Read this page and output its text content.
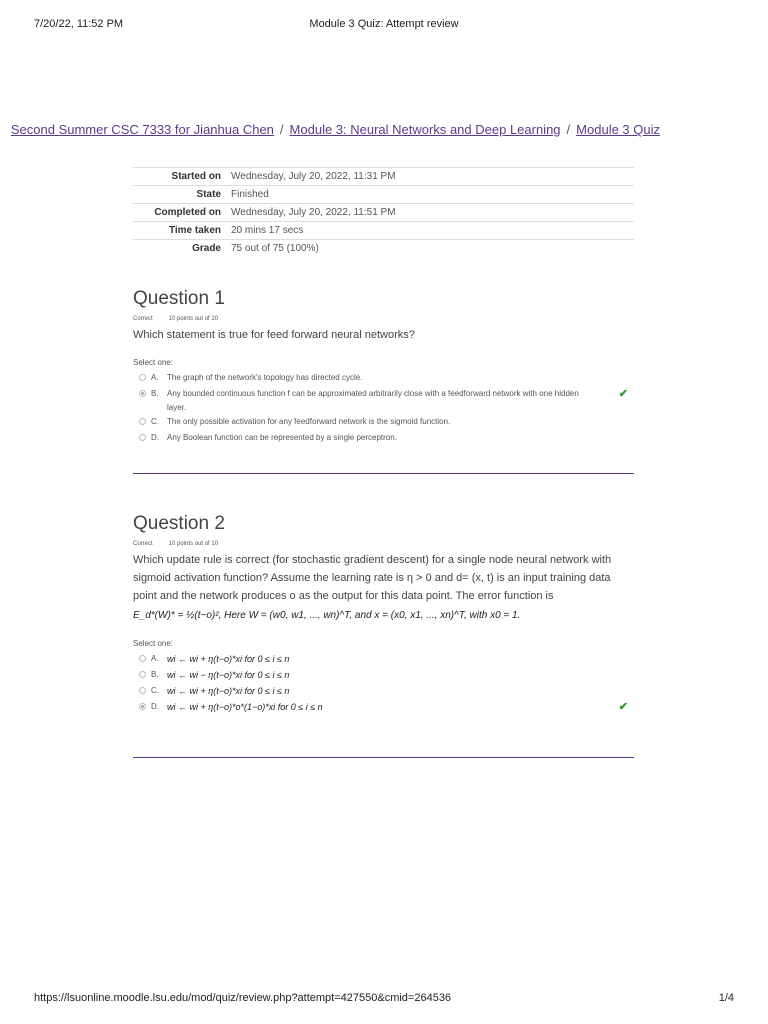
7/20/22, 11:52 PM	Module 3 Quiz: Attempt review
Second Summer CSC 7333 for Jianhua Chen / Module 3: Neural Networks and Deep Learning / Module 3 Quiz
Started on	Wednesday, July 20, 2022, 11:31 PM
State	Finished
Completed on	Wednesday, July 20, 2022, 11:51 PM
Time taken	20 mins 17 secs
Grade	75 out of 75 (100%)
Question 1
Correct	10 points out of 10
Which statement is true for feed forward neural networks?
Select one:
A. The graph of the network's topology has directed cycle.
B. Any bounded continuous function f can be approximated arbitrarily close with a feedforward network with one hidden layer.
✔
C. The only possible activation for any feedforward network is the sigmoid function.
D. Any Boolean function can be represented by a single perceptron.
Question 2
Correct	10 points out of 10
Which update rule is correct (for stochastic gradient descent) for a single node neural network with sigmoid activation function? Assume the learning rate is η > 0 and d= (x, t) is an input training data point and the network produces o as the output for this data point. The error function is
E_d*(W)* = ½(t−o)², Here W = (w0, w1, ..., wn)^T, and x = (x0, x1, ..., xn)^T, with x0 = 1.
Select one:
A. wi ← wi + η(t−o)*xi for 0 ≤ i ≤ n
B. wi ← wi − η(t−o)*xi for 0 ≤ i ≤ n
C. wi ← wi + η(t−o)*xi for 0 ≤ i ≤ n
D. wi ← wi + η(t−o)*o*(1−o)*xi for 0 ≤ i ≤ n	✔
https://lsuonline.moodle.lsu.edu/mod/quiz/review.php?attempt=427550&cmid=264536	1/4
